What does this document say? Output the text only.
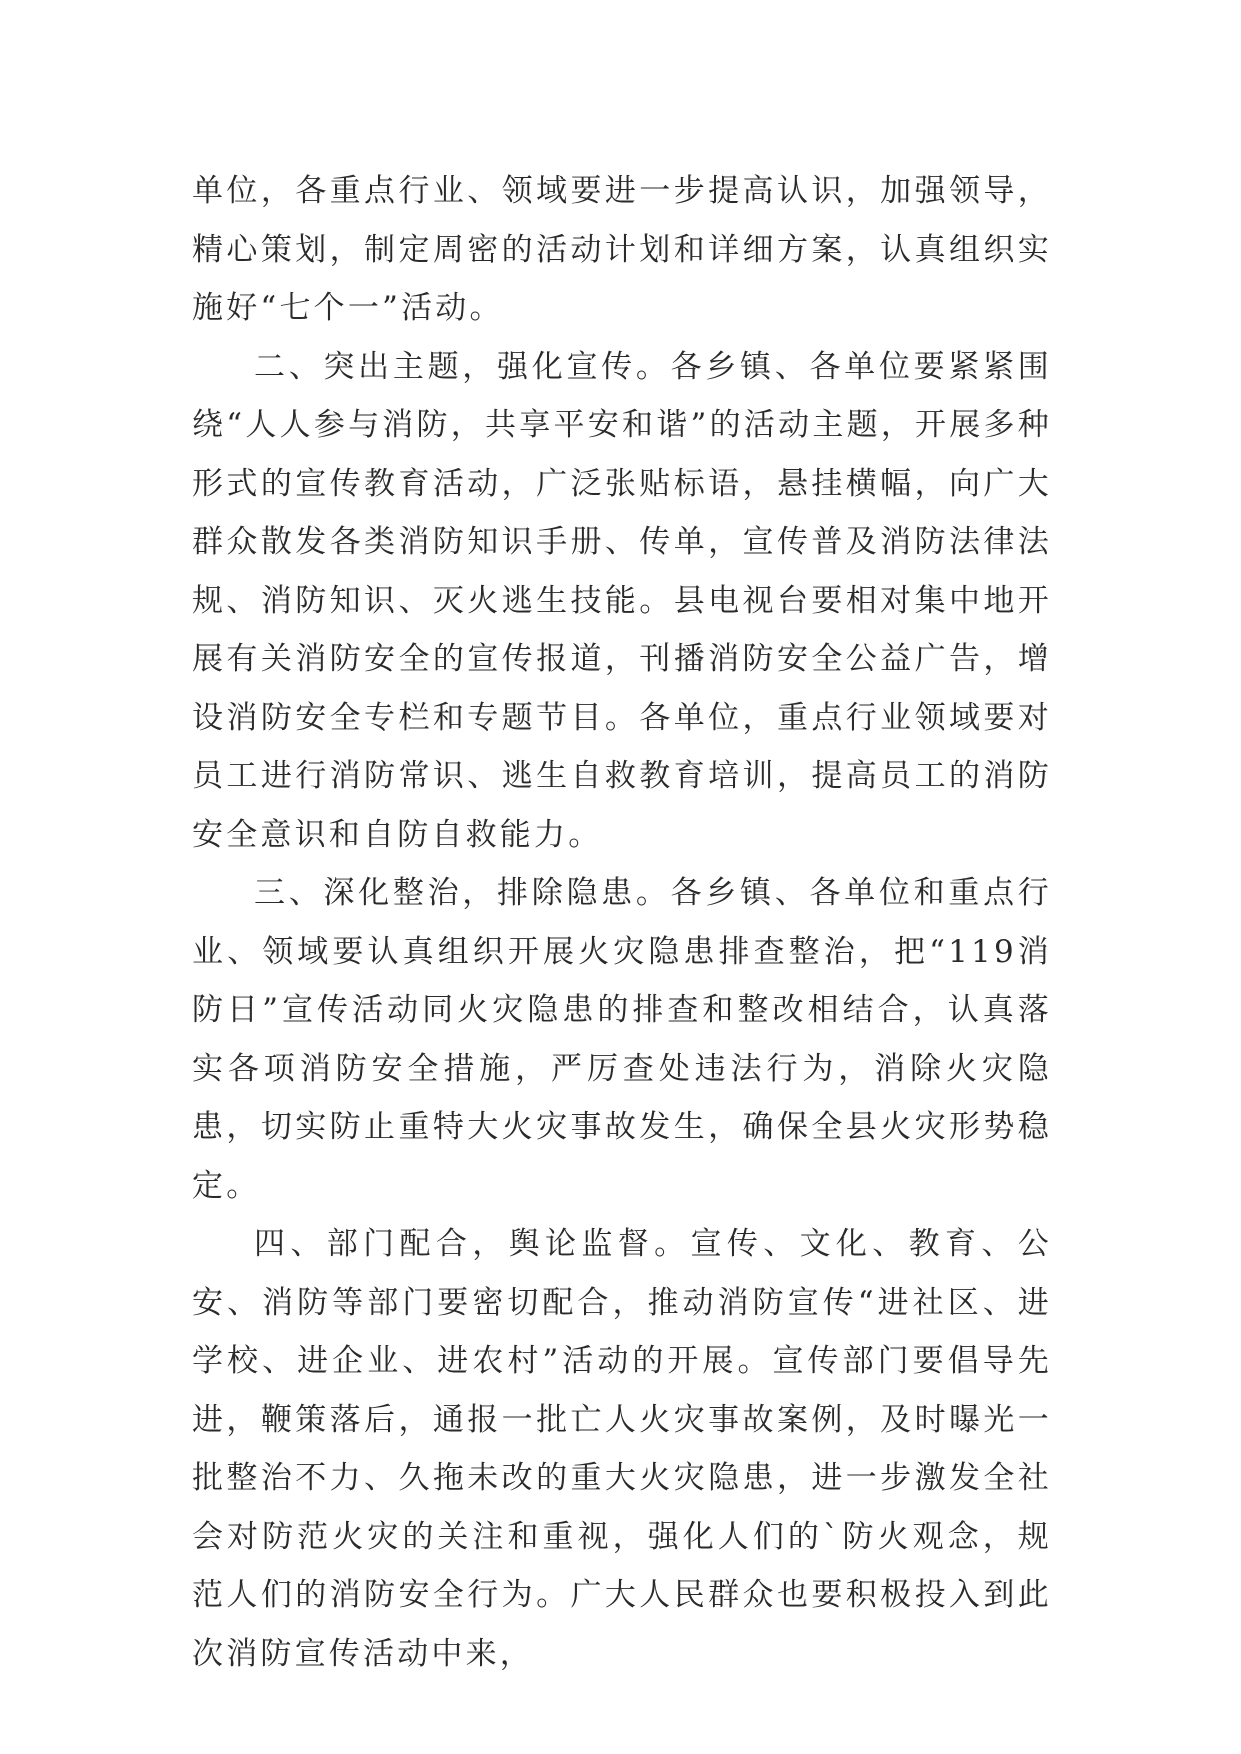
单位，各重点行业、领域要进一步提高认识，加强领导，精心策划，制定周密的活动计划和详细方案，认真组织实施好“七个一”活动。

二、突出主题，强化宣传。各乡镇、各单位要紧紧围绕“人人参与消防，共享平安和谐”的活动主题，开展多种形式的宣传教育活动，广泛张贴标语，悬挂横幅，向广大群众散发各类消防知识手册、传单，宣传普及消防法律法规、消防知识、灭火逃生技能。县电视台要相对集中地开展有关消防安全的宣传报道，刊播消防安全公益广告，增设消防安全专栏和专题节目。各单位，重点行业领域要对员工进行消防常识、逃生自救教育培训，提高员工的消防安全意识和自防自救能力。

三、深化整治，排除隐患。各乡镇、各单位和重点行业、领域要认真组织开展火灾隐患排查整治，把“119消防日”宣传活动同火灾隐患的排查和整改相结合，认真落实各项消防安全措施，严厉查处违法行为，消除火灾隐患，切实防止重特大火灾事故发生，确保全县火灾形势稳定。

四、部门配合，舆论监督。宣传、文化、教育、公安、消防等部门要密切配合，推动消防宣传“进社区、进学校、进企业、进农村”活动的开展。宣传部门要倡导先进，鞭策落后，通报一批亡人火灾事故案例，及时曝光一批整治不力、久拖未改的重大火灾隐患，进一步激发全社会对防范火灾的关注和重视，强化人们的`防火观念，规范人们的消防安全行为。广大人民群众也要积极投入到此次消防宣传活动中来，
